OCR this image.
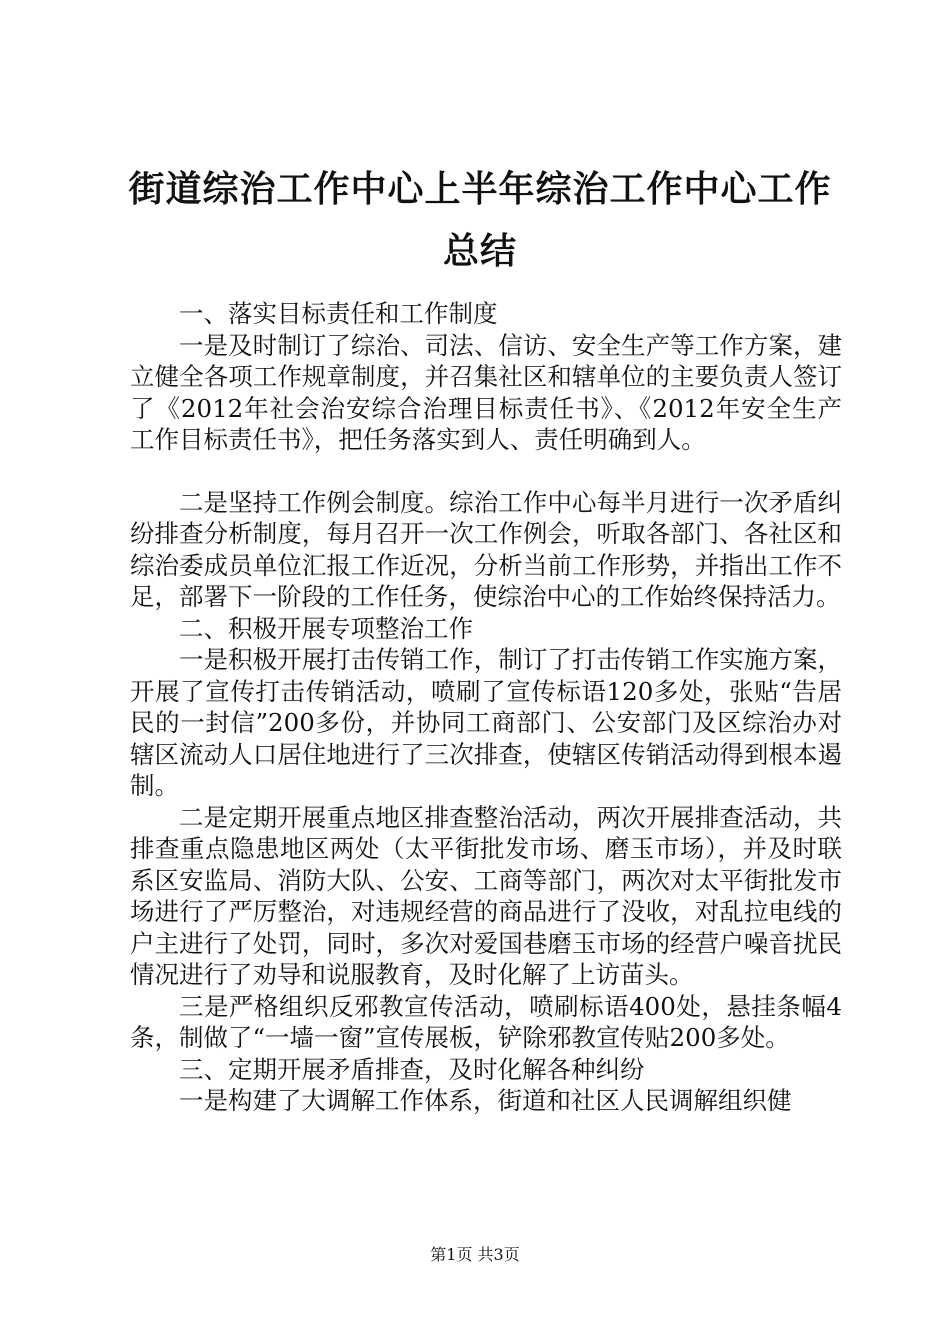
街道综治工作中心上半年综治工作中心工作总结

一、落实目标责任和工作制度

一是及时制订了综治、司法、信访、安全生产等工作方案，建立健全各项工作规章制度，并召集社区和辖单位的主要负责人签订了《2012年社会治安综合治理目标责任书》、《2012年安全生产工作目标责任书》，把任务落实到人、责任明确到人。

二是坚持工作例会制度。综治工作中心每半月进行一次矛盾纠纷排查分析制度，每月召开一次工作例会，听取各部门、各社区和综治委成员单位汇报工作近况，分析当前工作形势，并指出工作不足，部署下一阶段的工作任务，使综治中心的工作始终保持活力。

二、积极开展专项整治工作

一是积极开展打击传销工作，制订了打击传销工作实施方案，开展了宣传打击传销活动，喷刷了宣传标语120多处，张贴“告居民的一封信”200多份，并协同工商部门、公安部门及区综治办对辖区流动人口居住地进行了三次排查，使辖区传销活动得到根本遏制。

二是定期开展重点地区排查整治活动，两次开展排查活动，共排查重点隐患地区两处（太平街批发市场、磨玉市场），并及时联系区安监局、消防大队、公安、工商等部门，两次对太平街批发市场进行了严厉整治，对违规经营的商品进行了没收，对乱拉电线的户主进行了处罚，同时，多次对爱国巷磨玉市场的经营户噪音扰民情况进行了劝导和说服教育，及时化解了上访苗头。

三是严格组织反邪教宣传活动，喷刷标语400处，悬挂条幅4条，制做了“一墙一窗”宣传展板，铲除邪教宣传贴200多处。

三、定期开展矛盾排查，及时化解各种纠纷

一是构建了大调解工作体系，街道和社区人民调解组织健

第1页 共3页
